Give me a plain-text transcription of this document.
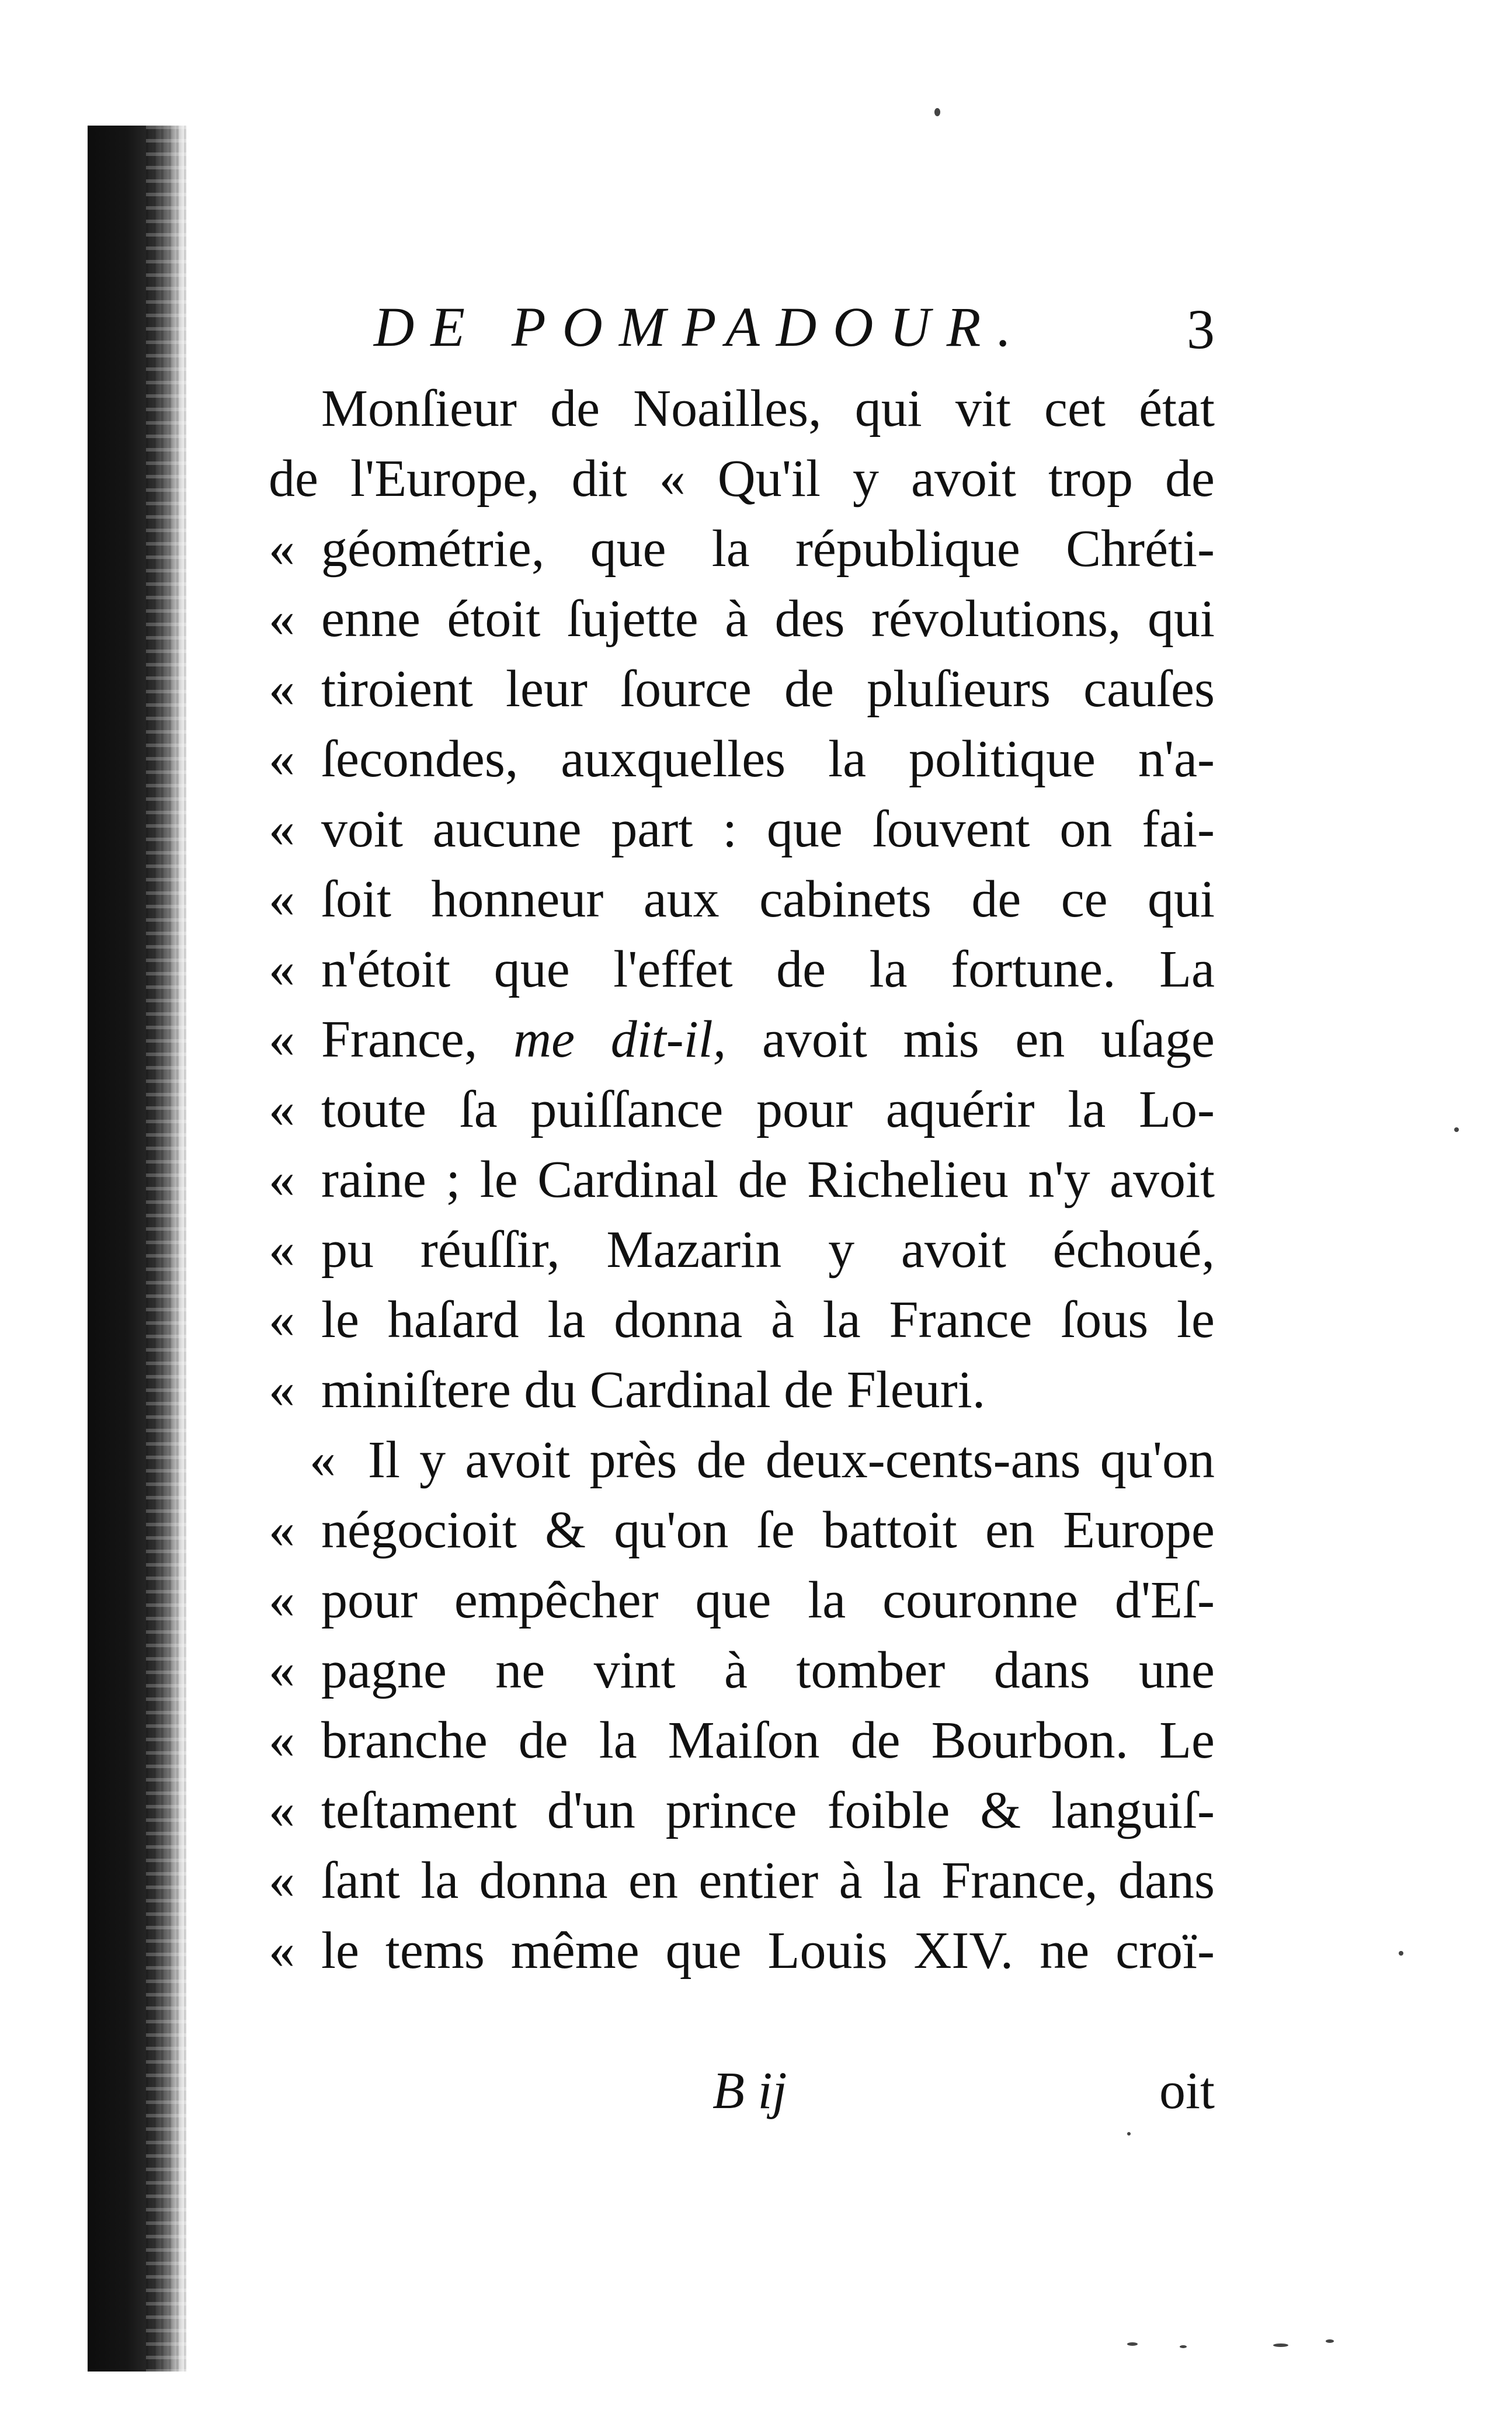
DE POMPADOUR.	3
Monſieur de Noailles, qui vit cet état
de l'Europe, dit « Qu'il y avoit trop de
« géométrie, que la république Chréti-
« enne étoit ſujette à des révolutions, qui
« tiroient leur ſource de pluſieurs cauſes
« ſecondes, auxquelles la politique n'a-
« voit aucune part : que ſouvent on fai-
« ſoit honneur aux cabinets de ce qui
« n'étoit que l'effet de la fortune. La
« France, me dit-il, avoit mis en uſage
« toute ſa puiſſance pour aquérir la Lo-
« raine ; le Cardinal de Richelieu n'y avoit
« pu réuſſir, Mazarin y avoit échoué,
« le haſard la donna à la France ſous le
« miniſtere du Cardinal de Fleuri.
« Il y avoit près de deux-cents-ans qu'on
« négocioit & qu'on ſe battoit en Europe
« pour empêcher que la couronne d'Eſ-
« pagne ne vint à tomber dans une
« branche de la Maiſon de Bourbon. Le
« teſtament d'un prince foible & languiſ-
« ſant la donna en entier à la France, dans
« le tems même que Louis XIV. ne croï-
B ij	oit
